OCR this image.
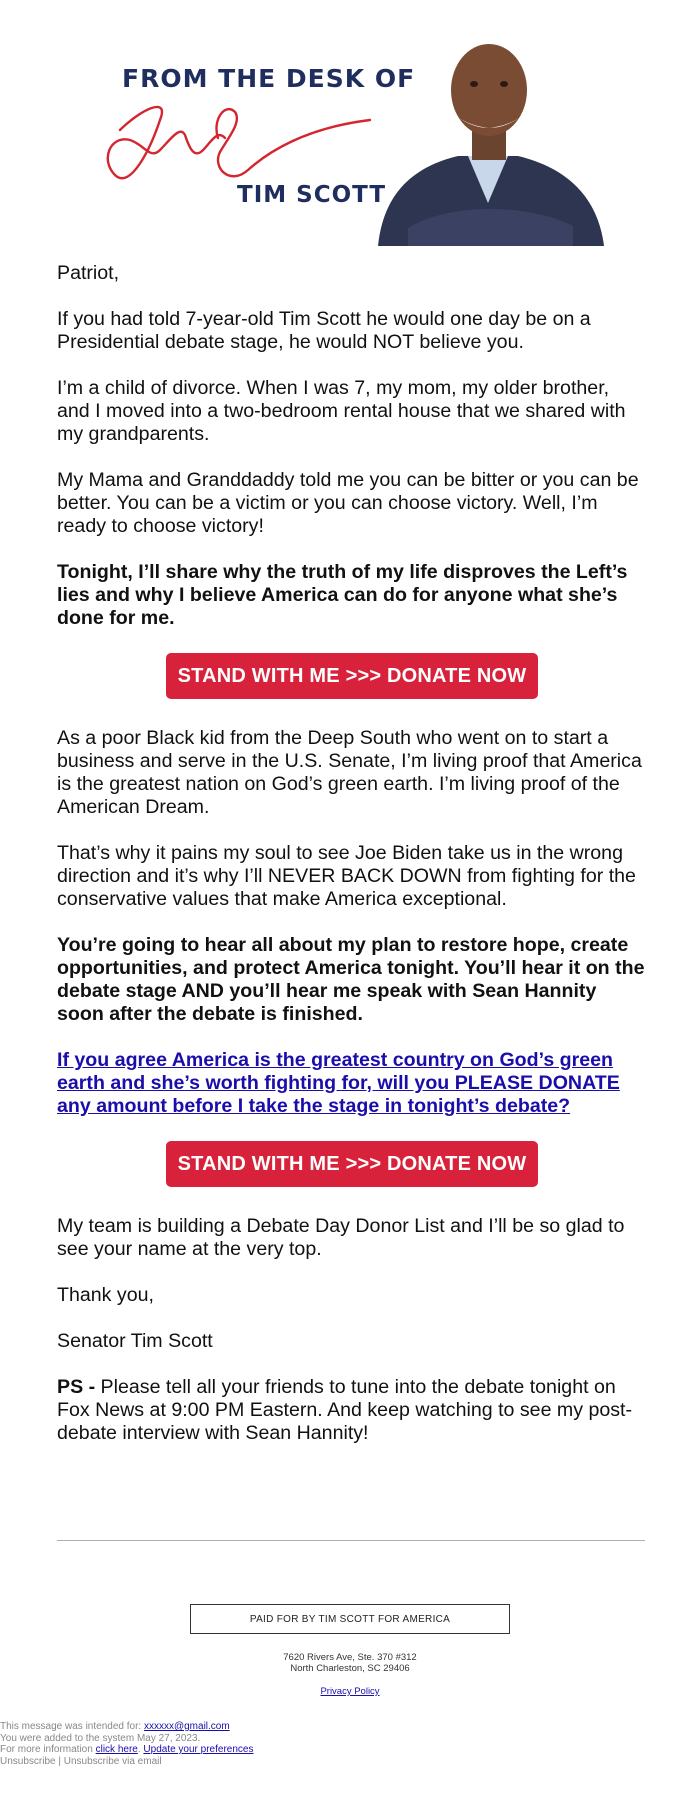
FROM THE DESK OF
TIM SCOTT

Patriot,

If you had told 7-year-old Tim Scott he would one day be on a Presidential debate stage, he would NOT believe you.

I’m a child of divorce. When I was 7, my mom, my older brother, and I moved into a two-bedroom rental house that we shared with my grandparents.

My Mama and Granddaddy told me you can be bitter or you can be better. You can be a victim or you can choose victory. Well, I’m ready to choose victory!

Tonight, I’ll share why the truth of my life disproves the Left’s lies and why I believe America can do for anyone what she’s done for me.

STAND WITH ME >>> DONATE NOW

As a poor Black kid from the Deep South who went on to start a business and serve in the U.S. Senate, I’m living proof that America is the greatest nation on God’s green earth. I’m living proof of the American Dream.

That’s why it pains my soul to see Joe Biden take us in the wrong direction and it’s why I’ll NEVER BACK DOWN from fighting for the conservative values that make America exceptional.

You’re going to hear all about my plan to restore hope, create opportunities, and protect America tonight. You’ll hear it on the debate stage AND you’ll hear me speak with Sean Hannity soon after the debate is finished.

If you agree America is the greatest country on God’s green earth and she’s worth fighting for, will you PLEASE DONATE any amount before I take the stage in tonight’s debate?

STAND WITH ME >>> DONATE NOW

My team is building a Debate Day Donor List and I’ll be so glad to see your name at the very top.

Thank you,

Senator Tim Scott

PS - Please tell all your friends to tune into the debate tonight on Fox News at 9:00 PM Eastern. And keep watching to see my post-debate interview with Sean Hannity!

PAID FOR BY TIM SCOTT FOR AMERICA
7620 Rivers Ave, Ste. 370 #312
North Charleston, SC 29406
Privacy Policy
This message was intended for: xxxxxx@gmail.com
You were added to the system May 27, 2023.
For more information click here. Update your preferences
Unsubscribe | Unsubscribe via email
